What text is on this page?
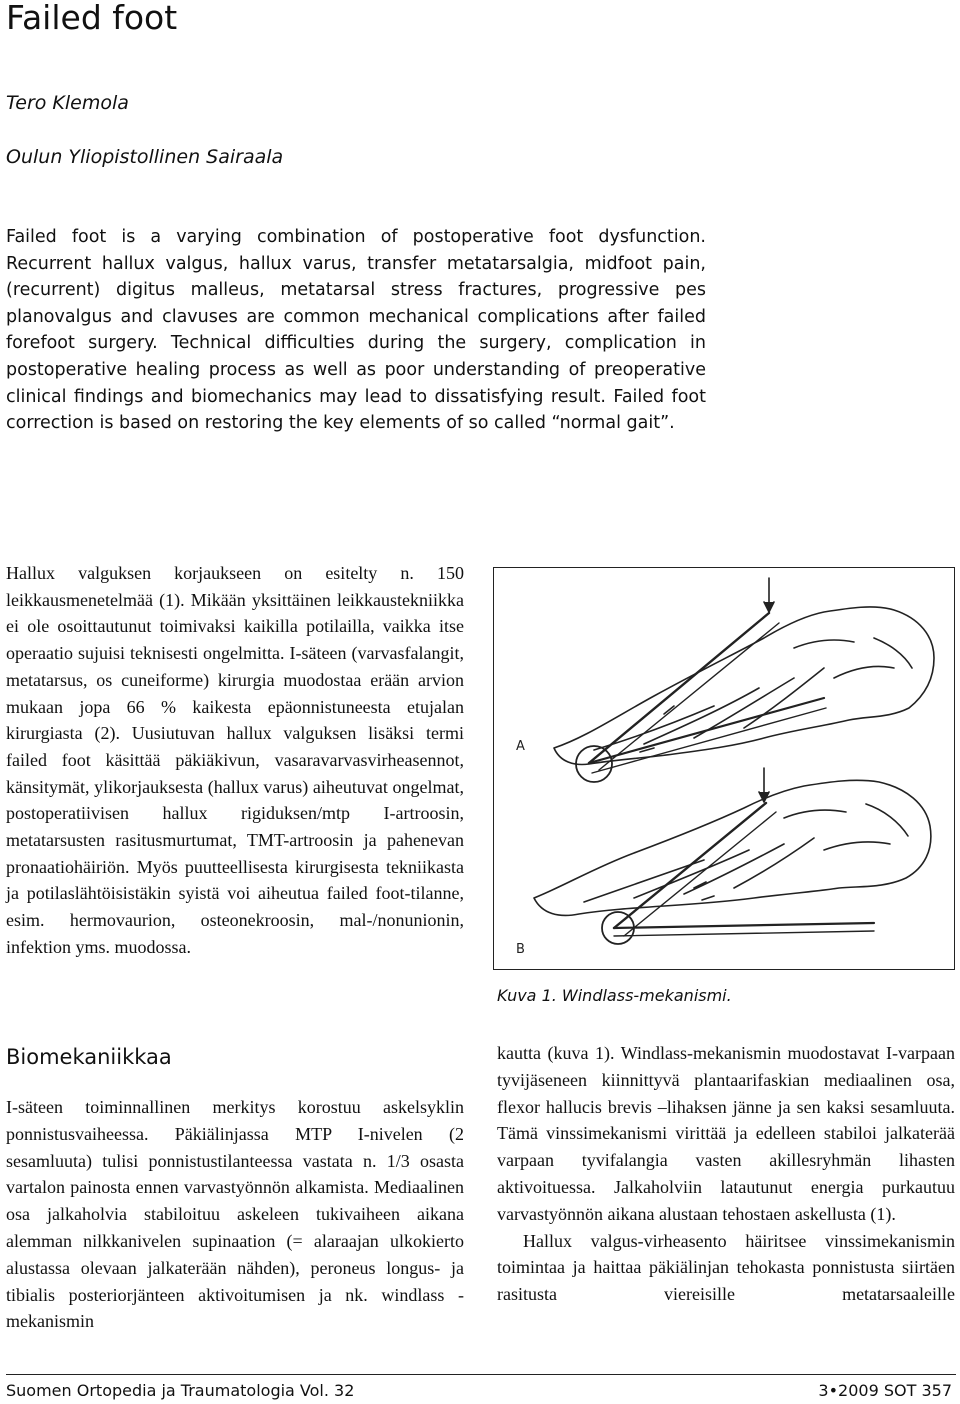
Failed foot
Tero Klemola
Oulun Yliopistollinen Sairaala

Failed foot is a varying combination of postoperative foot dysfunction. Recurrent hallux valgus, hallux varus, transfer metatarsalgia, midfoot pain, (recurrent) digitus malleus, metatarsal stress fractures, progressive pes planovalgus and clavuses are common mechanical complications after failed forefoot surgery. Technical difficulties during the surgery, complication in postoperative healing process as well as poor understanding of preoperative clinical findings and biomechanics may lead to dissatisfying result. Failed foot correction is based on restoring the key elements of so called “normal gait”.

Hallux valguksen korjaukseen on esitelty n. 150 leikkausmenetelmää (1). Mikään yksittäinen leikkaustekniikka ei ole osoittautunut toimivaksi kaikilla potilailla, vaikka itse operaatio sujuisi teknisesti ongelmitta. I-säteen (varvasfalangit, metatarsus, os cuneiforme) kirurgia muodostaa erään arvion mukaan jopa 66 % kaikesta epäonnistuneesta etujalan kirurgiasta (2). Uusiutuvan hallux valguksen lisäksi termi failed foot käsittää päkiäkivun, vasaravarvasvirheasennot, känsitymät, ylikorjauksesta (hallux varus) aiheutuvat ongelmat, postoperatiivisen hallux rigiduksen/mtp I-artroosin, metatarsusten rasitusmurtumat, TMT-artroosin ja pahenevan pronaatiohäiriön. Myös puutteellisesta kirurgisesta tekniikasta ja potilaslähtöisistäkin syistä voi aiheutua failed foot-tilanne, esim. hermovaurion, osteonekroosin, mal-/nonunionin, infektion yms. muodossa.

Biomekaniikkaa

I-säteen toiminnallinen merkitys korostuu askelsyklin ponnistusvaiheessa. Päkiälinjassa MTP I-nivelen (2 sesamluuta) tulisi ponnistustilanteessa vastata n. 1/3 osasta vartalon painosta ennen varvastyönnön alkamista. Mediaalinen osa jalkaholvia stabiloituu askeleen tukivaiheen aikana alemman nilkkanivelen supinaation (= alaraajan ulkokierto alustassa olevaan jalkaterään nähden), peroneus longus- ja tibialis posteriorjänteen aktivoitumisen ja nk. windlass -mekanismin

A
B
Kuva 1. Windlass-mekanismi.

kautta (kuva 1). Windlass-mekanismin muodostavat I-varpaan tyvijäseneen kiinnittyvä plantaarifaskian mediaalinen osa, flexor hallucis brevis –lihaksen jänne ja sen kaksi sesamluuta. Tämä vinssimekanismi virittää ja edelleen stabiloi jalkaterää varpaan tyvifalangia vasten akillesryhmän lihasten aktivoituessa. Jalkaholviin latautunut energia purkautuu varvastyönnön aikana alustaan tehostaen askellusta (1).

Hallux valgus-virheasento häiritsee vinssimekanismin toimintaa ja haittaa päkiälinjan tehokasta ponnistusta siirtäen rasitusta viereisille metatarsaaleille

Suomen Ortopedia ja Traumatologia Vol. 32	3•2009 SOT 357
